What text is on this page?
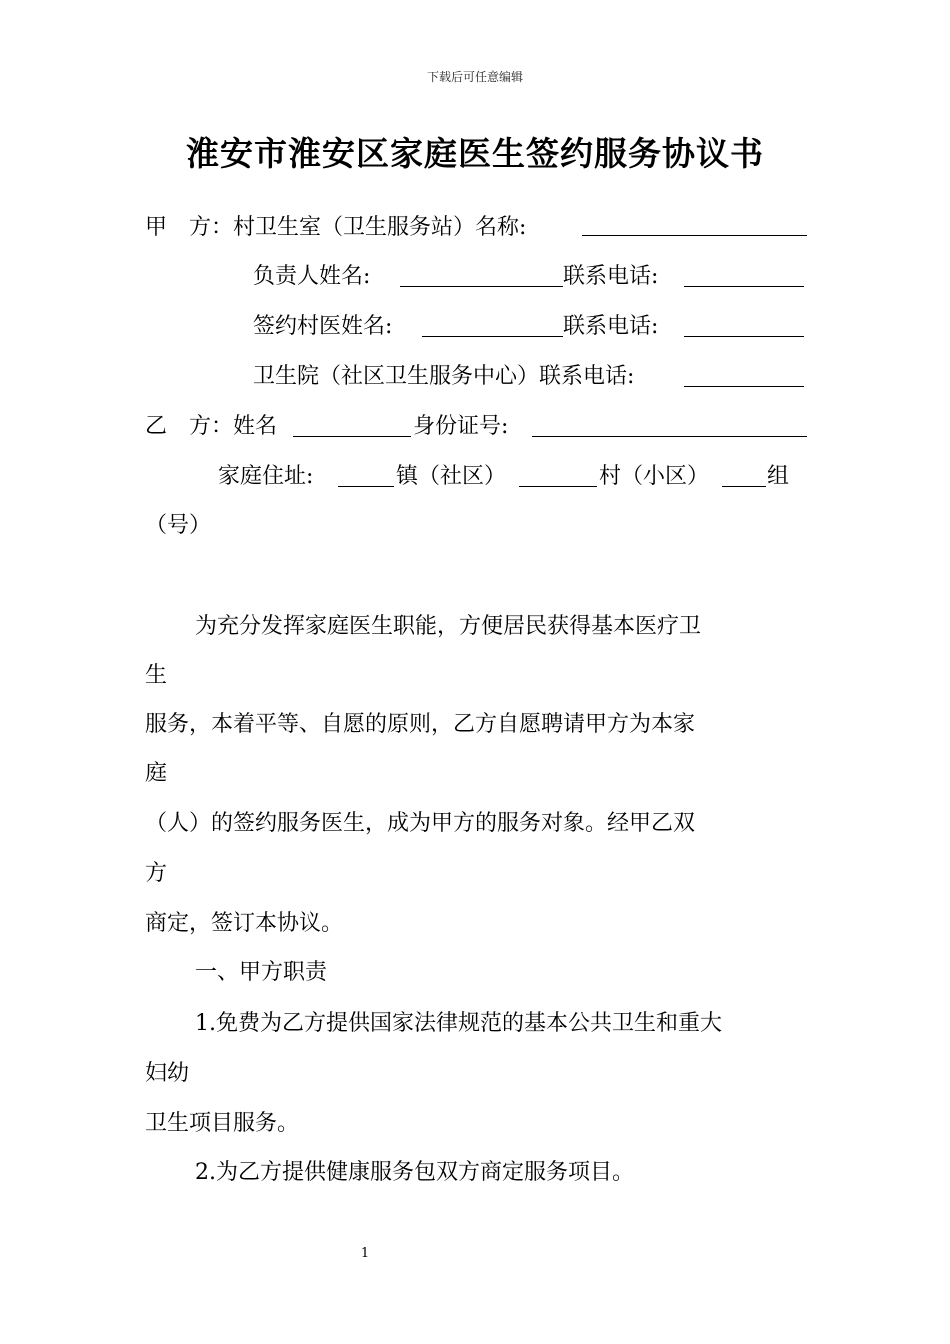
下载后可任意编辑
淮安市淮安区家庭医生签约服务协议书
甲　方：村卫生室（卫生服务站）名称:
负责人姓名:	联系电话:
签约村医姓名:	联系电话:
卫生院（社区卫生服务中心）联系电话:
乙　方：姓名	身份证号:
家庭住址:	镇（社区）	村（小区）	组
（号）
为充分发挥家庭医生职能，方便居民获得基本医疗卫
生
服务，本着平等、自愿的原则，乙方自愿聘请甲方为本家
庭
（人）的签约服务医生，成为甲方的服务对象。经甲乙双
方
商定，签订本协议。
一、甲方职责
1.免费为乙方提供国家法律规范的基本公共卫生和重大
妇幼
卫生项目服务。
2.为乙方提供健康服务包双方商定服务项目。
1
